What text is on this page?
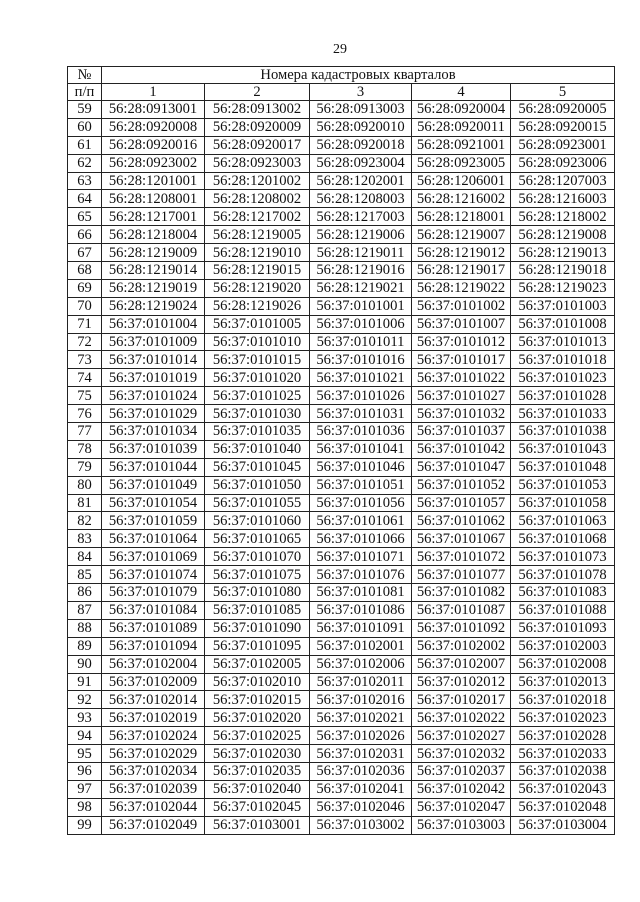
29
№	Номера кадастровых кварталов				
п/п	1	2	3	4	5
59	56:28:0913001	56:28:0913002	56:28:0913003	56:28:0920004	56:28:0920005
60	56:28:0920008	56:28:0920009	56:28:0920010	56:28:0920011	56:28:0920015
61	56:28:0920016	56:28:0920017	56:28:0920018	56:28:0921001	56:28:0923001
62	56:28:0923002	56:28:0923003	56:28:0923004	56:28:0923005	56:28:0923006
63	56:28:1201001	56:28:1201002	56:28:1202001	56:28:1206001	56:28:1207003
64	56:28:1208001	56:28:1208002	56:28:1208003	56:28:1216002	56:28:1216003
65	56:28:1217001	56:28:1217002	56:28:1217003	56:28:1218001	56:28:1218002
66	56:28:1218004	56:28:1219005	56:28:1219006	56:28:1219007	56:28:1219008
67	56:28:1219009	56:28:1219010	56:28:1219011	56:28:1219012	56:28:1219013
68	56:28:1219014	56:28:1219015	56:28:1219016	56:28:1219017	56:28:1219018
69	56:28:1219019	56:28:1219020	56:28:1219021	56:28:1219022	56:28:1219023
70	56:28:1219024	56:28:1219026	56:37:0101001	56:37:0101002	56:37:0101003
71	56:37:0101004	56:37:0101005	56:37:0101006	56:37:0101007	56:37:0101008
72	56:37:0101009	56:37:0101010	56:37:0101011	56:37:0101012	56:37:0101013
73	56:37:0101014	56:37:0101015	56:37:0101016	56:37:0101017	56:37:0101018
74	56:37:0101019	56:37:0101020	56:37:0101021	56:37:0101022	56:37:0101023
75	56:37:0101024	56:37:0101025	56:37:0101026	56:37:0101027	56:37:0101028
76	56:37:0101029	56:37:0101030	56:37:0101031	56:37:0101032	56:37:0101033
77	56:37:0101034	56:37:0101035	56:37:0101036	56:37:0101037	56:37:0101038
78	56:37:0101039	56:37:0101040	56:37:0101041	56:37:0101042	56:37:0101043
79	56:37:0101044	56:37:0101045	56:37:0101046	56:37:0101047	56:37:0101048
80	56:37:0101049	56:37:0101050	56:37:0101051	56:37:0101052	56:37:0101053
81	56:37:0101054	56:37:0101055	56:37:0101056	56:37:0101057	56:37:0101058
82	56:37:0101059	56:37:0101060	56:37:0101061	56:37:0101062	56:37:0101063
83	56:37:0101064	56:37:0101065	56:37:0101066	56:37:0101067	56:37:0101068
84	56:37:0101069	56:37:0101070	56:37:0101071	56:37:0101072	56:37:0101073
85	56:37:0101074	56:37:0101075	56:37:0101076	56:37:0101077	56:37:0101078
86	56:37:0101079	56:37:0101080	56:37:0101081	56:37:0101082	56:37:0101083
87	56:37:0101084	56:37:0101085	56:37:0101086	56:37:0101087	56:37:0101088
88	56:37:0101089	56:37:0101090	56:37:0101091	56:37:0101092	56:37:0101093
89	56:37:0101094	56:37:0101095	56:37:0102001	56:37:0102002	56:37:0102003
90	56:37:0102004	56:37:0102005	56:37:0102006	56:37:0102007	56:37:0102008
91	56:37:0102009	56:37:0102010	56:37:0102011	56:37:0102012	56:37:0102013
92	56:37:0102014	56:37:0102015	56:37:0102016	56:37:0102017	56:37:0102018
93	56:37:0102019	56:37:0102020	56:37:0102021	56:37:0102022	56:37:0102023
94	56:37:0102024	56:37:0102025	56:37:0102026	56:37:0102027	56:37:0102028
95	56:37:0102029	56:37:0102030	56:37:0102031	56:37:0102032	56:37:0102033
96	56:37:0102034	56:37:0102035	56:37:0102036	56:37:0102037	56:37:0102038
97	56:37:0102039	56:37:0102040	56:37:0102041	56:37:0102042	56:37:0102043
98	56:37:0102044	56:37:0102045	56:37:0102046	56:37:0102047	56:37:0102048
99	56:37:0102049	56:37:0103001	56:37:0103002	56:37:0103003	56:37:0103004
